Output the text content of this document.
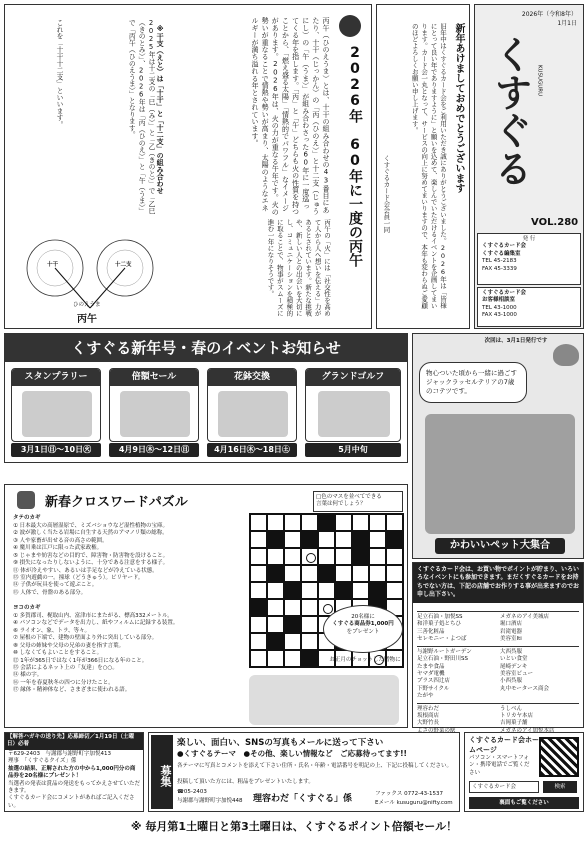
2026年　60年に一度の丙午
丙午（ひのえうま）とは、十干の組み合わせの43番目にあたり、十干（じっかん）の「丙（ひのえ）」と十二支（じゅうにし）の「午（うま）」が組み合わさった60年に一度巡ってくる年を指します。「丙」と「午」どちらも火の性質を持つことから、「燃え盛る太陽」「情熱的でパワフル」なイメージがあります。2026年は、火の力が重なる午年です。火の勢いが重なることで情熱や勢いが高まり、太陽のようなエネルギーが満ち溢れる年とされています。
丙午の「火」には「社交性を高めて人から人へ想いを伝える」力があるとされています。新たな挑戦や、新しい人との出会いを大切にし、コミュニケーションを積極的に取ることで、物事がスムーズに進む一年になりそうです。
※干支（えと）は「十干」と「十二支」の組み合わせ
2025年は十二支の「巳（み）」と「乙（きのと）」で「乙巳（きのとみ）」、2026年は「丙（ひのえ）」と「午（うま）」で「丙午（ひのえうま）」となります。
これを「十干十二支」といいます。
十干	十二支
ひのえうま
丙午
新年あけましておめでとうございます
旧年中はくすぐるカード会をご利用いただき誠にありがとうございました。2026年は「皆様にとって良い年でありますように」と願いを込めて、楽しんでいただけるイベントを企画してまいります。カード会一丸となって、サービスの向上に努めてまいりますので、本年も変わらぬご愛顧のほどよろしくお願い申し上げます。
くすぐるカード会会員一同
2026年（令和8年）
1月1日
くすぐる KUSUGURU
VOL.280
発 行
くすぐるカード会
くすぐる編集室
TEL 45-2183
FAX 45-3339
くすぐるカード会
お客様相談室
TEL 43-1000
FAX 43-1000
くすぐる新年号・春のイベントお知らせ
スタンプラリー
3月1日㊐～10日㊋
倍額セール
4月9日㊍～12日㊐
花鉢交換
4月16日㊍～18日㊏
グランドゴルフ
5月中旬
次回は、3月1日発行です
物心ついた頃から一緒に過ごすジャックラッセルテリアの7歳のコテツです。
かわいいペット大集合
新春クロスワードパズル	□色のマスを並べてできる
言葉は何でしょう？
タテのカギ
① 日本最大の高層湿原で、ミズバショウなど湿性植物の宝庫。
② 波が激しく当たる岩場に自生する天然のアマノリ類の総称。
③ 人や家畜が出せる音の高さの範囲。
④ 魔川乗は江戸に限った武家政権。
⑤ じゃまや妨害などの目的で、障害物・防害物を設けること。
⑨ 損失になったりしないように、十分である注意をする様子。
⑪ 体が冷えやすい、あるいは手足などが冷えている状態。
⑬ 室内遊戯の一。撞球（どうきゅう）。ビリヤード。
⑭ 子供が玩具を使って遊ぶこと。
⑮ 人体で、骨盤のある部分。
ヨコのカギ
① 多賀郡司、梶取山内、富津市にまたがる、標高332メートル。
④ パソコンなどでデータを出力し、紙やフィルムに記録する装置。
⑥ ライオン、象、トラ、等々。
⑦ 屋根の下端で、建物の壁面より外に突出している部分。
⑧ 父母の姉妹や父母の兄弟の妻を指す言葉。
⑩ しなくてもよいことをすること。
⑫ 1年が365日ではなく1年が366日になる年のこと。
⑬ 会話によるネット上の「友達」を○○。
⑭ 様の字。
⑯ 一年を春夏秋冬の四つに分けたこと。
⑰ 縁体・精神体など、さまざまに使われる語。
20名様に
くすぐる商品券1,000円
をプレゼント
お正月のチョットした贈物に
【解答ハガキの送り先】応募締切／1月19日（土曜日）必着
〒629-2403　与謝郡与謝野町字加悦413
理事　「くすぐるクイズ」係
抽選の結果、正解された方の中から1,000円分の商品券を20名様にプレゼント！
当選者の発表は賞品の発送をもってかえさせていただきます。
くすぐるカード会にコメントがあればご記入ください。
くすぐるカード会は、お買い物でポイントが貯まり、いろいろなイベントにも参加できます。まだくすぐるカードをお持ちでない方は、下記の店舗でお作りする事が出来ますのでお申し出下さい。
足立石油・加悦SS	メガネのアイ美城店
和洋菓子処とちひ	堀口酒店
三善化粧品	岩滝電器
セレモニー・よつば	美容室Iti
与謝野ルートガーデン	大西呉服
足立石油・野田川SS	いとい食堂
たまや食品	尾崎デンキ
ヤマダ電機	美容室ビュー
プラス四辻店	小西呉服
下野サイクル	丸中モータース商会
たがや
理容わだ	うしべん
坂根商店	トリカヤ本店
大野竹長	吉岡菓子舗
よさの野菜の駅	メガネのアイ加悦本店
募集
楽しい、面白い、SNSの写真もメールに送って下さい
●くすぐるテーマ　●その他、楽しい情報など　ご応募待ってます!!
各テーマに写真とコメントを添えて下さい住所・氏名・年齢・電話番号を明記の上、下記に投稿してください。
投稿して頂いた方には、粗品をプレゼントいたします。
☎05-2403
与謝郡与謝野町字加悦448 理容わだ「くすぐる」係	ファックス 0772-43-1537
Eメール kusuguru@nifty.com
くすぐるカード会ホームページ
パソコン・スマートフォン・携帯電話でご覧ください
くすぐるカード会	検索
裏面もご覧ください
※ 毎月第1土曜日と第3土曜日は、くすぐるポイント倍額セール！
